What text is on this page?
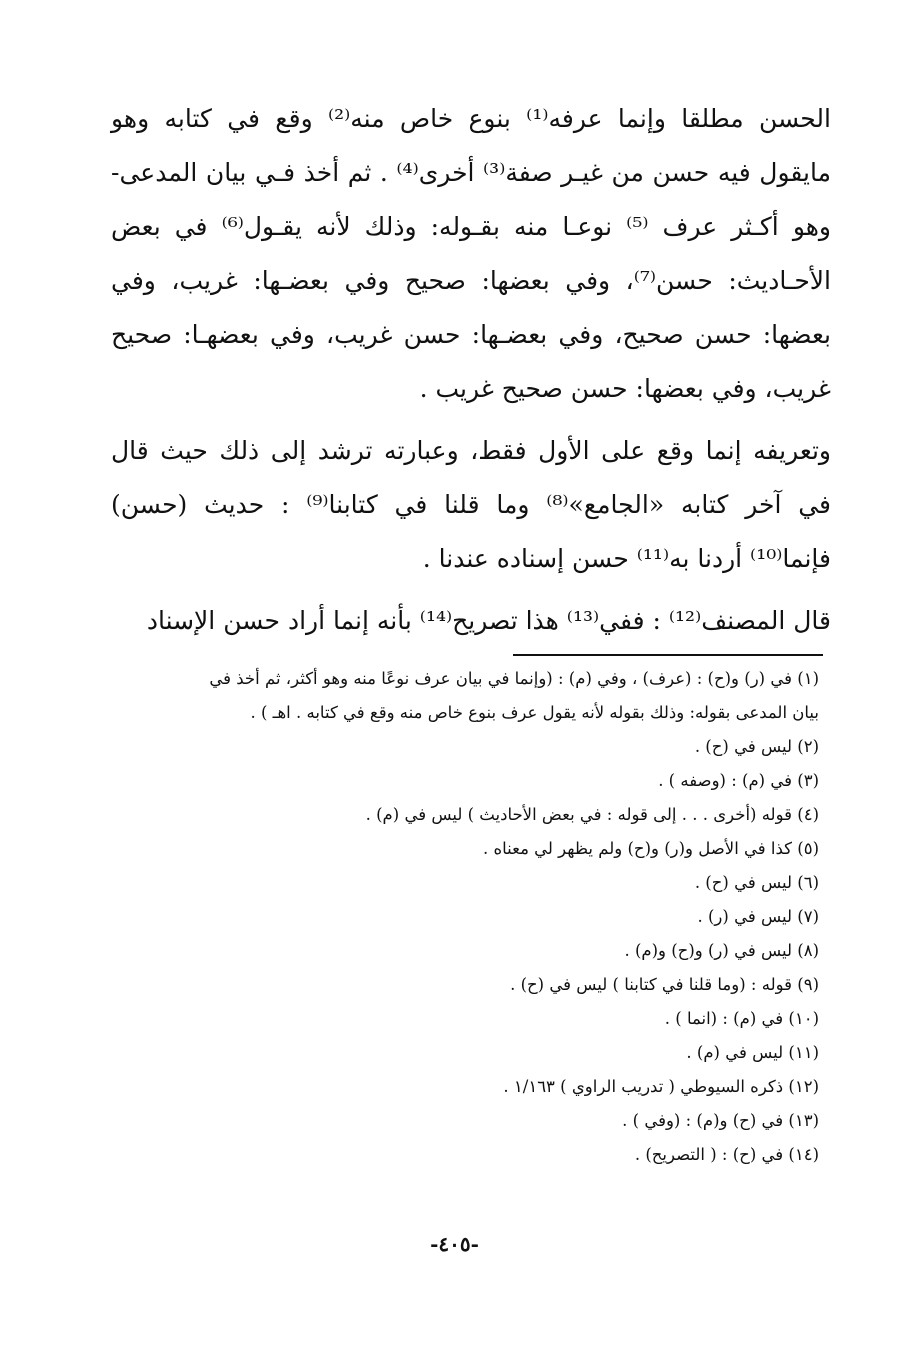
الحسن مطلقا وإنما عرفه⁽¹⁾ بنوع خاص منه⁽²⁾ وقع في كتابه وهو مايقول فيه حسن من غيـر صفة⁽³⁾ أخرى⁽⁴⁾ . ثم أخذ فـي بيان المدعى- وهو أكـثر عرف ⁽⁵⁾ نوعـا منه بقـوله: وذلك لأنه يقـول⁽⁶⁾ في بعض الأحـاديث: حسن⁽⁷⁾، وفي بعضها: صحيح وفي بعضـها: غريب، وفي بعضها: حسن صحيح، وفي بعضـها: حسن غريب، وفي بعضهـا: صحيح غريب، وفي بعضها: حسن صحيح غريب .

وتعريفه إنما وقع على الأول فقط، وعبارته ترشد إلى ذلك حيث قال في آخر كتابه «الجامع»⁽⁸⁾ وما قلنا في كتابنا⁽⁹⁾ : حديث (حسن) فإنما⁽¹⁰⁾ أردنا به⁽¹¹⁾ حسن إسناده عندنا .

قال المصنف⁽¹²⁾ : ففي⁽¹³⁾ هذا تصريح⁽¹⁴⁾ بأنه إنما أراد حسن الإسناد

(١) في (ر) و(ح) : (عرف) ، وفي (م) : (وإنما في بيان عرف نوعًا منه وهو أكثر، ثم أخذ في

بيان المدعى بقوله: وذلك بقوله لأنه يقول عرف بنوع خاص منه وقع في كتابه . اهـ ) .

(٢) ليس في (ح) .

(٣) في (م) : (وصفه ) .

(٤) قوله (أخرى . . . إلى قوله : في بعض الأحاديث ) ليس في (م) .

(٥) كذا في الأصل و(ر) و(ح) ولم يظهر لي معناه .

(٦) ليس في (ح) .

(٧) ليس في (ر) .

(٨) ليس في (ر) و(ح) و(م) .

(٩) قوله : (وما قلنا في كتابنا ) ليس في (ح) .

(١٠) في (م) : (انما ) .

(١١) ليس في (م) .

(١٢) ذكره السيوطي ( تدريب الراوي ) ١/١٦٣ .

(١٣) في (ح) و(م) : (وفي ) .

(١٤) في (ح) : ( التصريح) .

-٤٠٥-
